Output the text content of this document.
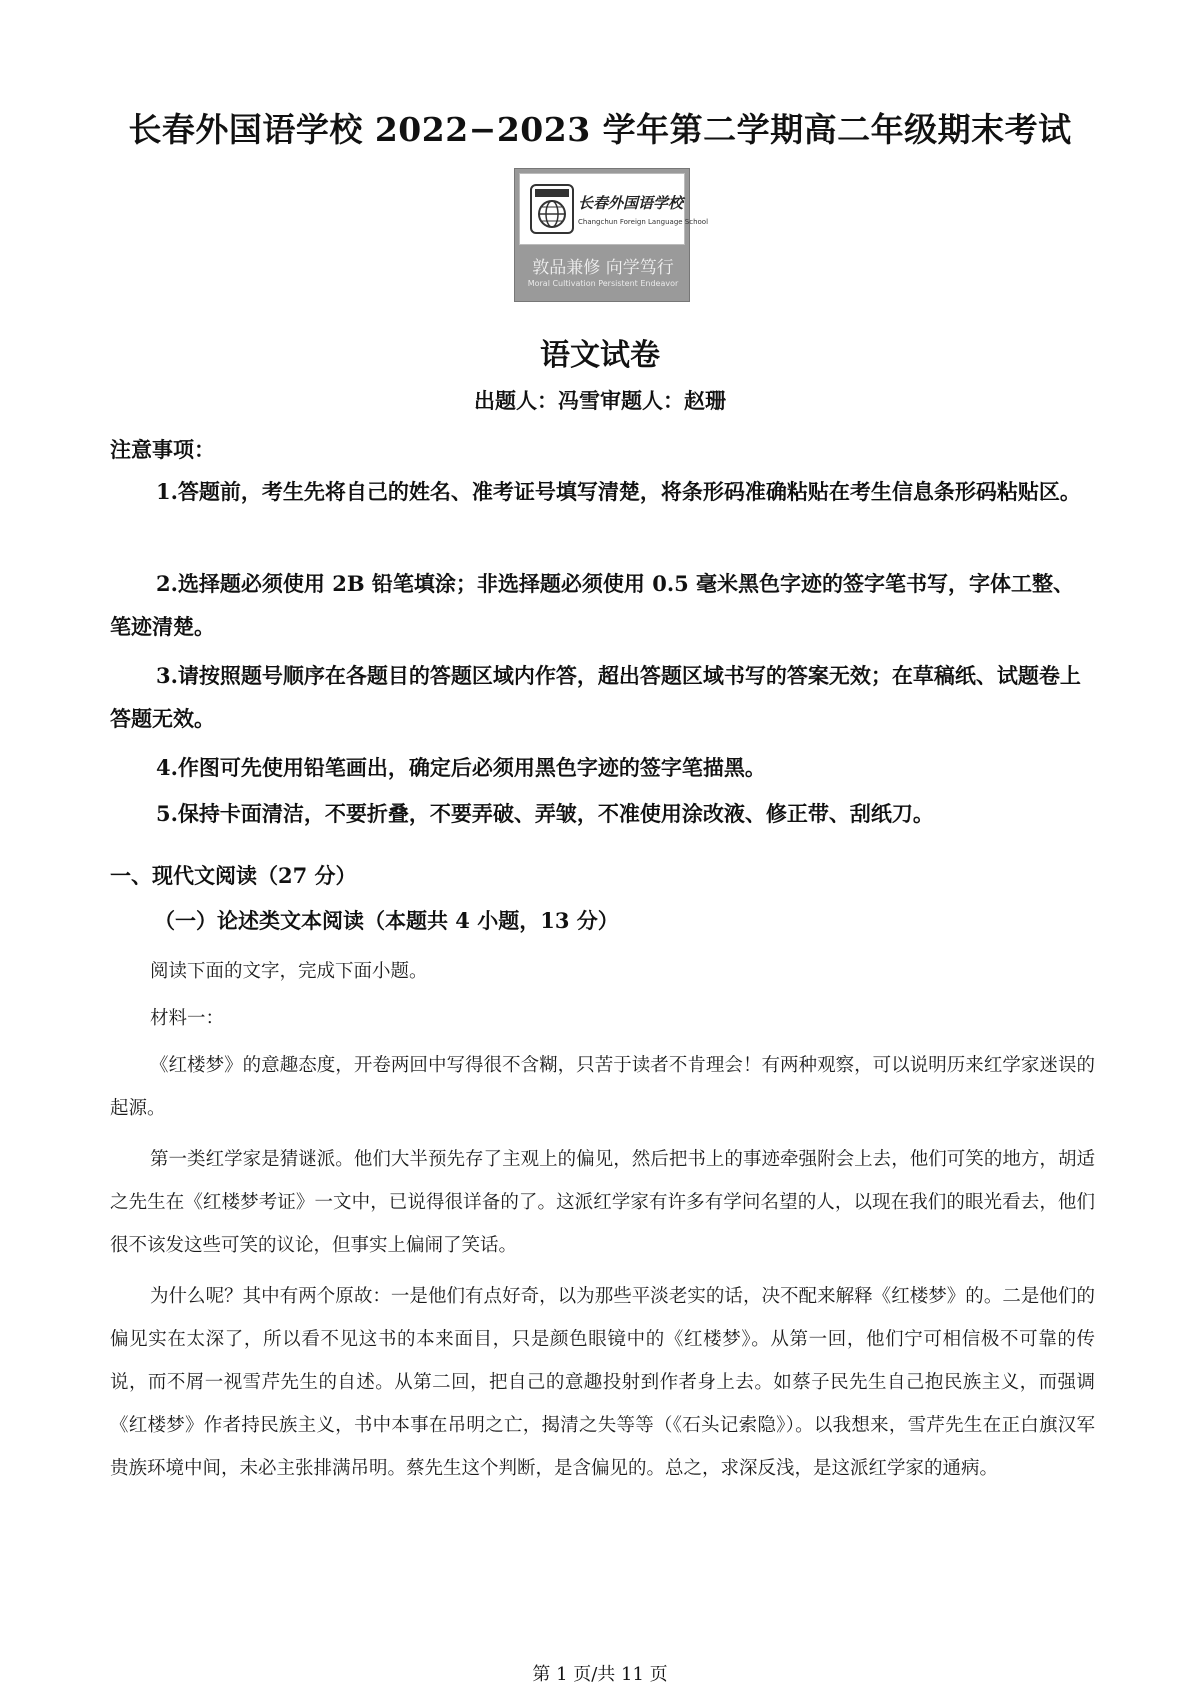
长春外国语学校 2022−2023 学年第二学期高二年级期末考试
长春外国语学校
Changchun Foreign Language School
敦品兼修 向学笃行
Moral Cultivation Persistent Endeavor
语文试卷
出题人：冯雪审题人：赵珊
注意事项：
1.答题前，考生先将自己的姓名、准考证号填写清楚，将条形码准确粘贴在考生信息条形码粘贴区。
2.选择题必须使用 2B 铅笔填涂；非选择题必须使用 0.5 毫米黑色字迹的签字笔书写，字体工整、笔迹清楚。
3.请按照题号顺序在各题目的答题区域内作答，超出答题区域书写的答案无效；在草稿纸、试题卷上答题无效。
4.作图可先使用铅笔画出，确定后必须用黑色字迹的签字笔描黑。
5.保持卡面清洁，不要折叠，不要弄破、弄皱，不准使用涂改液、修正带、刮纸刀。
一、现代文阅读（27 分）
（一）论述类文本阅读（本题共 4 小题，13 分）
阅读下面的文字，完成下面小题。
材料一：
《红楼梦》的意趣态度，开卷两回中写得很不含糊，只苦于读者不肯理会！有两种观察，可以说明历来红学家迷误的起源。
第一类红学家是猜谜派。他们大半预先存了主观上的偏见，然后把书上的事迹牵强附会上去，他们可笑的地方，胡适之先生在《红楼梦考证》一文中，已说得很详备的了。这派红学家有许多有学问名望的人，以现在我们的眼光看去，他们很不该发这些可笑的议论，但事实上偏闹了笑话。
为什么呢？其中有两个原故：一是他们有点好奇，以为那些平淡老实的话，决不配来解释《红楼梦》的。二是他们的偏见实在太深了，所以看不见这书的本来面目，只是颜色眼镜中的《红楼梦》。从第一回，他们宁可相信极不可靠的传说，而不屑一视雪芹先生的自述。从第二回，把自己的意趣投射到作者身上去。如蔡子民先生自己抱民族主义，而强调《红楼梦》作者持民族主义，书中本事在吊明之亡，揭清之失等等（《石头记索隐》）。以我想来，雪芹先生在正白旗汉军贵族环境中间，未必主张排满吊明。蔡先生这个判断，是含偏见的。总之，求深反浅，是这派红学家的通病。
第 1 页/共 11 页
